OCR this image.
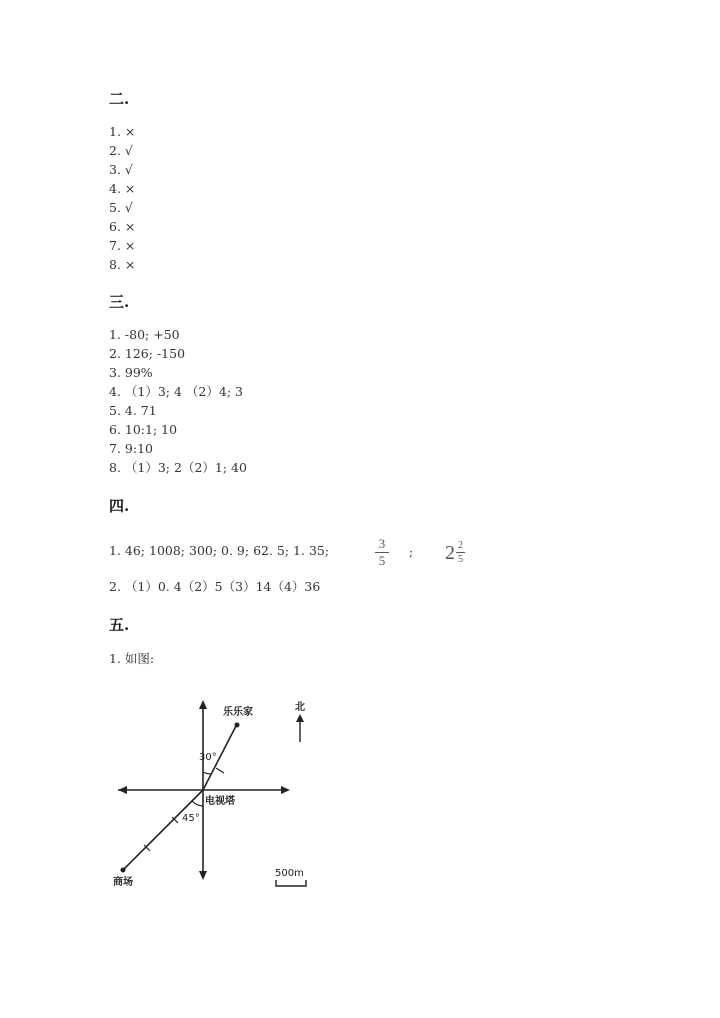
二.
1. ×
2. √
3. √
4. ×
5. √
6. ×
7. ×
8. ×
三.
1. -80; +50
2. 126; -150
3. 99%
4. （1）3; 4 （2）4; 3
5. 4. 71
6. 10:1; 10
7. 9:10
8. （1）3; 2（2）1; 40
四.
1. 46; 1008; 300; 0. 9; 62. 5; 1. 35;	3
5
; 2 2
5
2. （1）0. 4（2）5（3）14（4）36
五.
1. 如图:
北
乐乐家
电视塔
商场
30°
45°
500m
